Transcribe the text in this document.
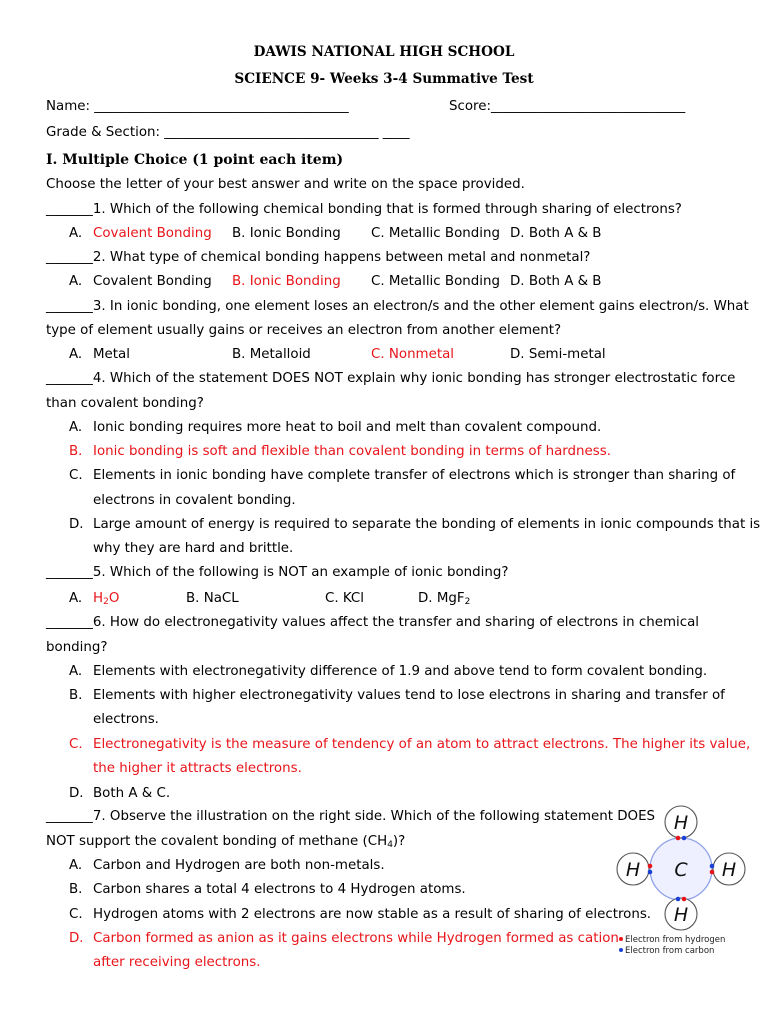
DAWIS NATIONAL HIGH SCHOOL
SCIENCE 9- Weeks 3-4 Summative Test
Name: ______________________________________	Score:_____________________________
Grade & Section: ________________________________ ____
I. Multiple Choice (1 point each item)
Choose the letter of your best answer and write on the space provided.
_______1. Which of the following chemical bonding that is formed through sharing of electrons?
A. Covalent Bonding B. Ionic Bonding C. Metallic Bonding D. Both A & B
_______2. What type of chemical bonding happens between metal and nonmetal?
A. Covalent Bonding B. Ionic Bonding C. Metallic Bonding D. Both A & B
_______3. In ionic bonding, one element loses an electron/s and the other element gains electron/s. What
type of element usually gains or receives an electron from another element?
A. Metal	B. Metalloid	C. Nonmetal	D. Semi-metal
_______4. Which of the statement DOES NOT explain why ionic bonding has stronger electrostatic force
than covalent bonding?
A. Ionic bonding requires more heat to boil and melt than covalent compound.
B. Ionic bonding is soft and flexible than covalent bonding in terms of hardness.
C. Elements in ionic bonding have complete transfer of electrons which is stronger than sharing of
electrons in covalent bonding.
D. Large amount of energy is required to separate the bonding of elements in ionic compounds that is
why they are hard and brittle.
_______5. Which of the following is NOT an example of ionic bonding?
A. $H_2O$	B. NaCL	C. KCl	D. MgF$_2$
_______6. How do electronegativity values affect the transfer and sharing of electrons in chemical
bonding?
A. Elements with electronegativity difference of 1.9 and above tend to form covalent bonding.
B. Elements with higher electronegativity values tend to lose electrons in sharing and transfer of
electrons.
C. Electronegativity is the measure of tendency of an atom to attract electrons. The higher its value,
the higher it attracts electrons.
D. Both A & C.
_______7. Observe the illustration on the right side. Which of the following statement DOES
NOT support the covalent bonding of methane $(CH_4)$?
A. Carbon and Hydrogen are both non-metals.
B. Carbon shares a total 4 electrons to 4 Hydrogen atoms.
C. Hydrogen atoms with 2 electrons are now stable as a result of sharing of electrons.
D. Carbon formed as anion as it gains electrons while Hydrogen formed as cation
after receiving electrons.
H
H
H	H
C
Electron from hydrogen
Electron from carbon
